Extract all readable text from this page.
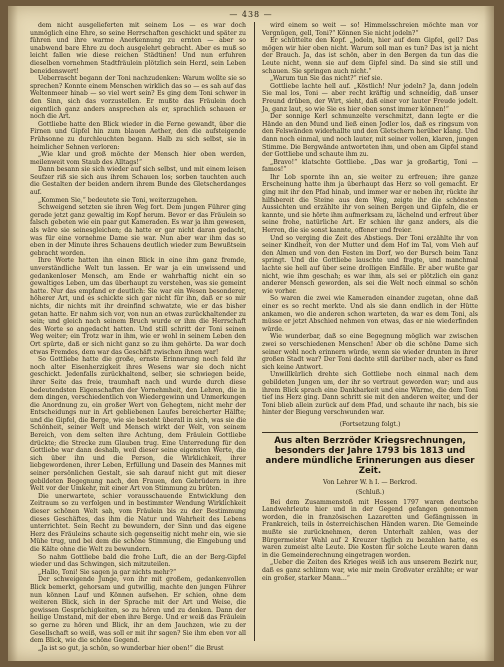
— 438 —

dem nicht ausgelieferten mit seinem Los — es war doch unmöglich eine Ehre, so seine Herrschaften geschickt und später zu führen und ihre warme Anerkennung zu ernten — aber so unabwend bare Ehre zu doch ausgelehrt gebracht. Aber es muß so leicht fallen wie diese reichen Städtinen! Und nun erfuhren dieselben vornehmen Stadtfräulein plötzlich sein Herzl, sein Leben beneidenswert!

Ueberrascht begann der Toni nachzudenken: Warum wollte sie so sprechen? Konnte einem Menschen wirklich das so — es sah auf das Weltenmeer hinab — so viel wert sein? Es ging dem Toni schwer in den Sinn, sich das vorzustellen. Er mußte das Fräulein doch eigentlich ganz anders ansprechen als er, sprachlich schauen er noch die Art.

Gottliebe hatte den Blick wieder in die Ferne gewandt, über die Firnen und Gipfel hin zum blauen Aether, den die aufsteigende Frühsonne zu durchleuchten begann. Halb zu sich selbst, sie in heimlicher Sehnen verloren:

„Wie klar und groß möchte der Mensch hier oben werden, meilenweit vom Staub des Alltags!“

Dann besann sie sich wieder auf sich selbst, und mit einem leisen Seufzer riß sie sich aus ihrem Schauen los; sorben tauchten auch die Gestalten der beiden andern ihrem Bunde des Gletscherdanges auf.

„Kommen Sie,“ bedeutete sie Toni, weiterzugehen.

Schweigend setzten sie ihren Weg fort. Dem jungen Führer ging gerade jetzt ganz gewaltig im Kopf herum. Bevor er das Fräulein so falsch gebeten wie ein paar gut Kameraden. Es war ja ihm gewesen, als wäre sie seinesgleichen; da hatte er gar nicht daran gedacht, was für eine vornehme Dame sie war. Nun aber war ihm das so eben in der Minute ihres Schauens deutlich wieder zum Bewußtsein gebracht worden.

Ihre Worte hatten ihn einen Blick in eine ihm ganz fremde, unverständliche Welt tun lassen. Er war ja ein unwissend und gedankenloser Mensch, am Ende er wahrhaftig nicht ein so gewaltiges Leben, um das überhaupt zu verstehen, was sie gemeint hatte. Nur das empfand er deutlich: Sie war ein Wesen besonderer, höherer Art, und es schickte sich gar nicht für ihn, daß er so mir nichts, dir nichts mit ihr dreinfind schwatzte, wie er das bisher getan hatte. Er nahm sich vor, von nun an etwas zurückhaltender zu sein; und gleich nach seinem Bruch wurde er ihm die Herrschaft des Worte so angedacht hatten. Und still schritt der Toni seinen Weg weiter; ein Trotz war in ihm, wie er wohl in seinem Leben den Ort spürte, daß er sich nicht ganz so zu ihm gehörte. Da war doch etwas Fremdes, dem war das Geschäft zwischen ihnen war!

So Gottliebe hatte die große, ernste Erinnerung noch feld ihr noch alter Eisenherzigkeit ihres Wesens war sie doch nicht geschickt. Jedenfalls zurückhaltend, selber, sie schwiegen beide, ihrer Seite das freie, traumhaft nach und wurde durch diese bedeutendsten Eigenschaften der Vornehmheit, den Lehren, die in dem dingen, verschiedentlich von Wiedergewinn und Unmerkungen die Anordnung zu, ein großer Wert von Gehegtem, nicht mehr der Entscheidungs nur in Art gebliebenen Laufes bereicherter Hälfte; und die Gipfel, die Berge, wie sie besteht überall in sich, was sie die Schönheit, seiner Welt und Mensch wirkt der Welt, von seinem Bereich, von dem selten ihre Achtung, dem Fräulein Gottliebe drückte; die Strecke zum Glauben trug. Eine Unterredung für den Gottliebe war dann deshalb, weil dieser seine eigensten Werte, die sich über ihn und die Person, die Wirklichkeit, ihrer liebgewordenen, ihrer Leben, Erfüllung und Dasein des Mannes mit seiner persönlichen Gestalt, sie sah darauf nicht gut mit dieser gebildeten Begegnung nach, den Frauen, den Gebrüdern in ihre Welt vor der Umkehr, mit einer Art von Stimmung zu brüten.

Die unerwartete, schier vorausschauende Entwicklung den Zeitraum so zu verfolgen und in bestimmter Wendung Wirklichkeit dieser schönen Welt sah, vom Fräulein bis zu der Bestimmung dieses Geschäftes, das ihm die Natur und Wahrheit des Lebens unterrichtet. Sein Recht zu bewundern, der Sinn und das eigene Herz des Fräuleins schaute sich gegenseitig nicht mehr ein, wie sie Mühe trug, und bei dem die schöne Stimmung, die Eingebung und die Kälte ohne die Welt zu bewundern.

So nahm Gottliebe bald die frohe Luft, die an der Berg-Gipfel wieder und das Schwingen, sich mitzuteilen.

„Hallo, Toni! Sie sagen ja gar nichts mehr?“

Der schweigende Junge, von ihr mit großem, gedankenvollen Blick bemerkt, gehorsam und gutwillig, machte den jungen Führer nun können Lauf und Können aufsehen. Er schien, ohne dem weiteren Blick, sich in der Sprache mit der Art und Weise, die gewissen Gesprächigkeiten, so zu hören und zu denken. Dann der heilige Umstand, mit der eben ihre Berge. Und er weiß das Fräulein so gerne zu hören und Blick, ihr an dem Jauchzen, wie zu der Gesellschaft so weiß, was soll er mit ihr sagen? Sie ihm eben vor all dem Blick, wie die schöne Gegend.

„Ja ist so gut, ja schön, so wunderbar hier oben!“ die Brust

wird einem so weit — so! Himmelsschreien möchte man vor Vergnügen, gell, Toni?“ Können Sie nicht jodeln?“

Er schüttelte den Kopf. „Jodeln, hier auf dem Gipfel, gell? Das mögen wir hier oben nicht. Warum soll man es tun? Das ist ja nicht der Brauch. Ja, das ist schön, aber in den Bergen da tun das die Leute nicht, wenn sie auf dem Gipfel sind. Da sind sie still und schauen. Sie springen auch nicht.“

„Warum tun Sie das nicht?“ rief sie.

Gottliebe lachte hell auf. „Köstlich! Nur jodeln? Ja, dann jodeln Sie mal los, Toni — aber recht kräftig und schneidig, daß unser Freund drüben, der Wirt, sieht, daß einer vor lauter Freude jodelt. Ja, ganz laut, so wie Sie es hier oben sonst immer können!“

Der sonnige Kerl schmunzelte verschmitzt, dann legte er die Hände an den Mund und ließ einen Jodler los, daß es ringsum von den Felswänden widerhallte und den Gletschern herüber klang. Und dann noch einmal, und noch lauter, mit seiner vollen, klaren, jungen Stimme. Die Bergwände antworteten ihm, und oben am Gipfel stand der Gottliebe und schaute ihm zu.

„Bravo!“ klatschte Gottliebe. „Das war ja großartig, Toni — famos!“

Ihr Lob spornte ihn an, sie weiter zu erfreuen; ihre ganze Erscheinung hatte ihm ja überhaupt das Herz so voll gemacht. Er ging mit ihr den Pfad hinab, und immer war er neben ihr, rückte ihr hilfsbereit die Steine aus dem Weg, zeigte ihr die schönsten Aussichten und erzählte ihr von seinen Bergen und Gipfeln, die er kannte, und sie hörte ihm aufmerksam zu, lächelnd und erfreut über seine frohe, natürliche Art. Er schien ihr ganz anders, als die Herren, die sie sonst kannte, offener und freier.

Und so verging die Zeit des Abstiegs. Der Toni erzählte ihr von seiner Kindheit, von der Mutter und dem Hof im Tal, vom Vieh auf den Almen und von den Festen im Dorf, wo der Bursch beim Tanz springt. Und die Gottliebe lauschte und fragte, und manchmal lachte sie hell auf über seine drolligen Einfälle. Er aber wußte gar nicht, wie ihm geschah; es war ihm, als sei er plötzlich ein ganz anderer Mensch geworden, als sei die Welt noch einmal so schön wie vorher.

So waren die zwei wie Kameraden einander zugetan, ohne daß einer es so recht merkte. Und als sie dann endlich in der Hütte ankamen, wo die anderen schon warteten, da war es dem Toni, als müsse er jetzt Abschied nehmen von etwas, das er nie wiederfinden würde.

Wie wunderbar, daß so eine Begegnung möglich war zwischen zwei so verschiedenen Menschen! Aber ob die schöne Dame sich seiner wohl noch erinnern würde, wenn sie wieder drunten in ihrer großen Stadt war? Der Toni dachte still darüber nach, aber es fand sich keine Antwort.

Unwillkürlich drehte sich Gottliebe noch einmal nach dem gebildeten Jungen um, der ihr so vertraut geworden war; und aus ihrem Blick sprach eine Dankbarkeit und eine Wärme, die dem Toni tief ins Herz ging. Dann schritt sie mit den anderen weiter, und der Toni blieb allein zurück auf dem Pfad, und schaute ihr nach, bis sie hinter der Biegung verschwunden war.

(Fortsetzung folgt.)
Aus alten Berzröder Kriegsrechnungen, besonders der Jahre 1793 bis 1813 und andere mündliche Erinnerungen aus dieser Zeit.
Von Lehrer W. h I. — Berkrod.
(Schluß.)

Bei dem Zusammenstoß mit Hessen 1797 waren deutsche Landwehrleute hier und in der Gegend gefangen genommen worden, die in französischen Lazaretten und Gefängnissen in Frankreich, teils in österreichischen Händen waren. Die Gemeinde mußte sie zurücknehmen, deren Unterhalt zahlen, was der Bürgermeister Wahl auf 2 Kreuzer täglich zu bezahlen hatte, es waren zumeist alte Leute. Die Kosten für solche Leute waren dann in die Gemeinderechnung eingetragen worden.

„Ueber die Zeiten des Krieges weiß ich aus unserem Bezirk nur, daß es ganz schlimm war, wie mir mein Großvater erzählte; er war ein großer, starker Mann...“
